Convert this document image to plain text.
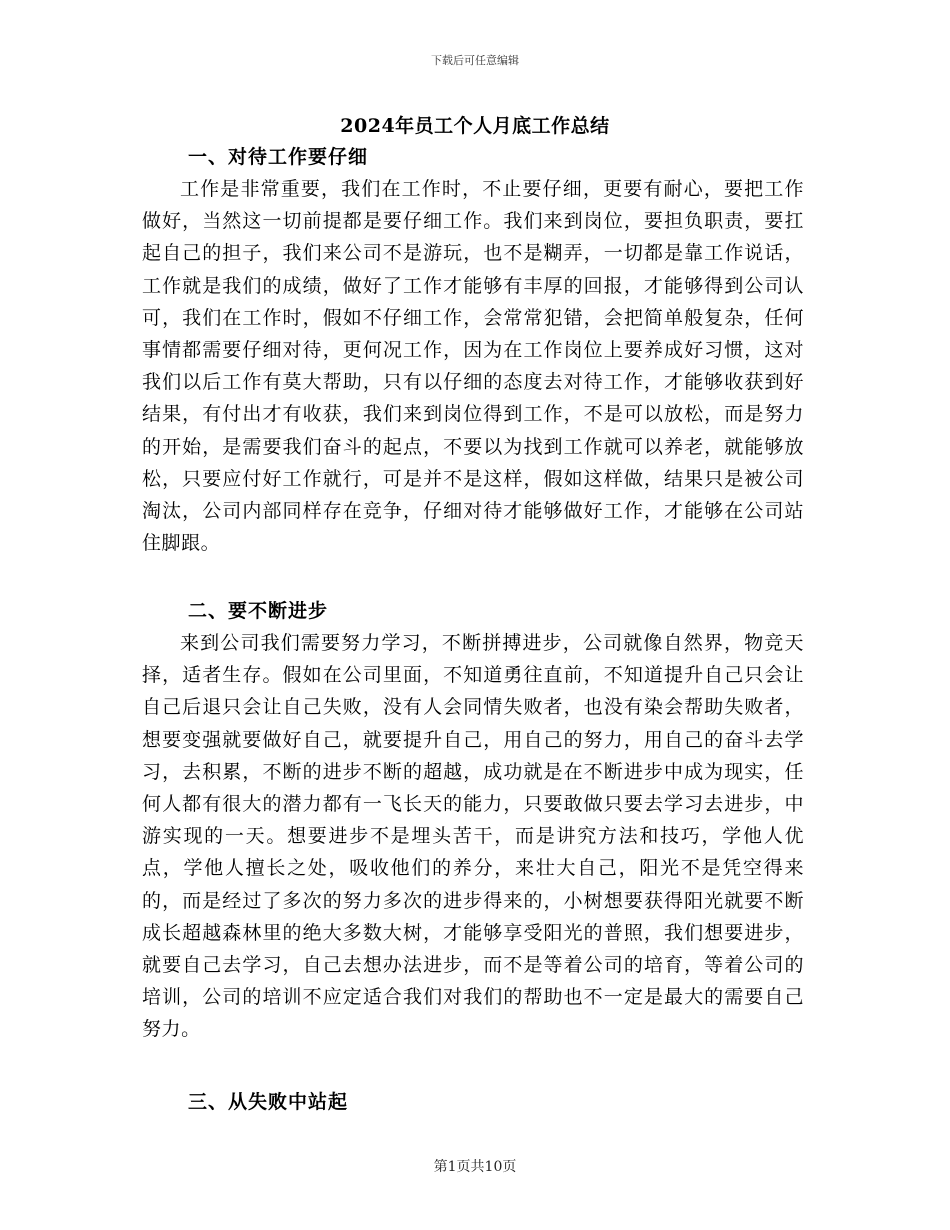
下载后可任意编辑
2024年员工个人月底工作总结
一、对待工作要仔细

工作是非常重要，我们在工作时，不止要仔细，更要有耐心，要把工作做好，当然这一切前提都是要仔细工作。我们来到岗位，要担负职责，要扛起自己的担子，我们来公司不是游玩，也不是糊弄，一切都是靠工作说话，工作就是我们的成绩，做好了工作才能够有丰厚的回报，才能够得到公司认可，我们在工作时，假如不仔细工作，会常常犯错，会把简单般复杂，任何事情都需要仔细对待，更何况工作，因为在工作岗位上要养成好习惯，这对我们以后工作有莫大帮助，只有以仔细的态度去对待工作，才能够收获到好结果，有付出才有收获，我们来到岗位得到工作，不是可以放松，而是努力的开始，是需要我们奋斗的起点，不要以为找到工作就可以养老，就能够放松，只要应付好工作就行，可是并不是这样，假如这样做，结果只是被公司淘汰，公司内部同样存在竞争，仔细对待才能够做好工作，才能够在公司站住脚跟。

二、要不断进步

来到公司我们需要努力学习，不断拼搏进步，公司就像自然界，物竞天择，适者生存。假如在公司里面，不知道勇往直前，不知道提升自己只会让自己后退只会让自己失败，没有人会同情失败者，也没有染会帮助失败者，想要变强就要做好自己，就要提升自己，用自己的努力，用自己的奋斗去学习，去积累，不断的进步不断的超越，成功就是在不断进步中成为现实，任何人都有很大的潜力都有一飞长天的能力，只要敢做只要去学习去进步，中游实现的一天。想要进步不是埋头苦干，而是讲究方法和技巧，学他人优点，学他人擅长之处，吸收他们的养分，来壮大自己，阳光不是凭空得来的，而是经过了多次的努力多次的进步得来的，小树想要获得阳光就要不断成长超越森林里的绝大多数大树，才能够享受阳光的普照，我们想要进步，就要自己去学习，自己去想办法进步，而不是等着公司的培育，等着公司的培训，公司的培训不应定适合我们对我们的帮助也不一定是最大的需要自己努力。

三、从失败中站起
第1页共10页
